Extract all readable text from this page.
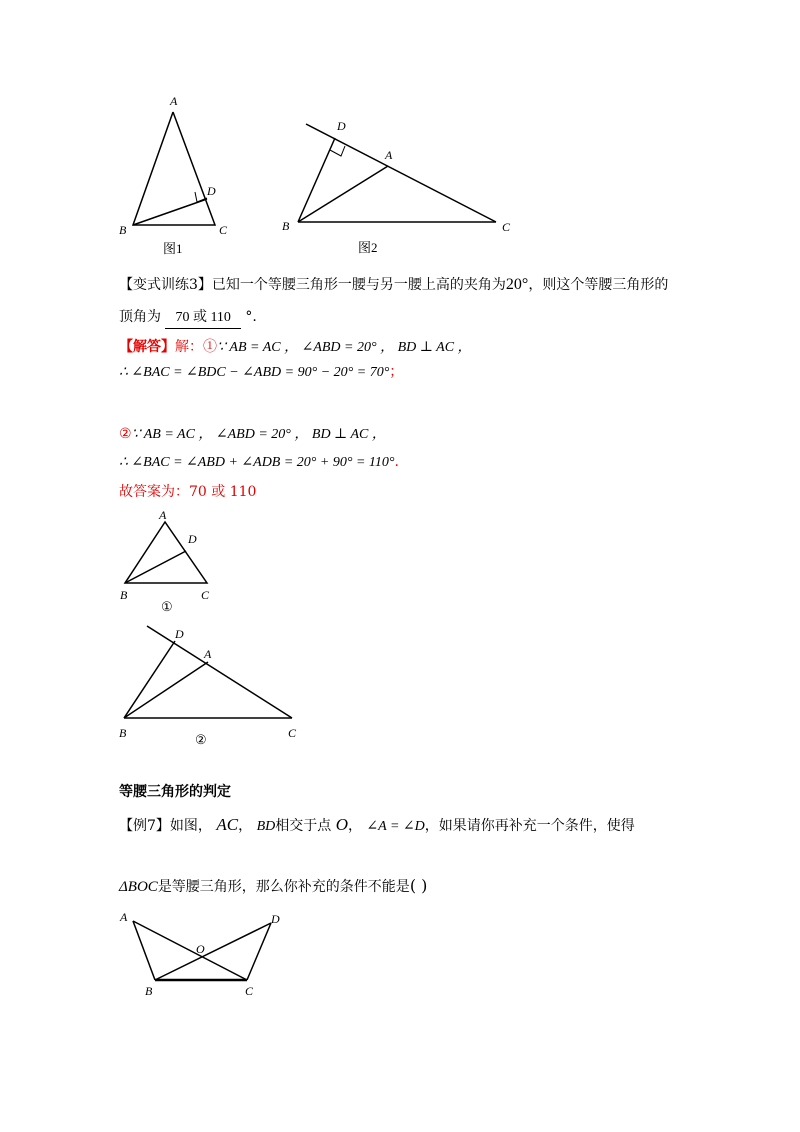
A
D
B	C
图1
D
A
B	C
图2
【变式训练3】已知一个等腰三角形一腰与另一腰上高的夹角为20°，则这个等腰三角形的
顶角为 70 或 110 °.
【解答】解：①∵ AB = AC ， ∠ABD = 20° ， BD ⊥ AC ，
∴ ∠BAC = ∠BDC − ∠ABD = 90° − 20° = 70°；
②∵ AB = AC ， ∠ABD = 20° ， BD ⊥ AC ，
∴ ∠BAC = ∠ABD + ∠ADB = 20° + 90° = 110°.
故答案为：70 或 110
A
D
B	C
①
D
A
B	C
②
等腰三角形的判定
【例7】如图， AC， BD相交于点 O， ∠A = ∠D，如果请你再补充一个条件，使得
ΔBOC是等腰三角形，那么你补充的条件不能是( )
A	D
O
B	C
